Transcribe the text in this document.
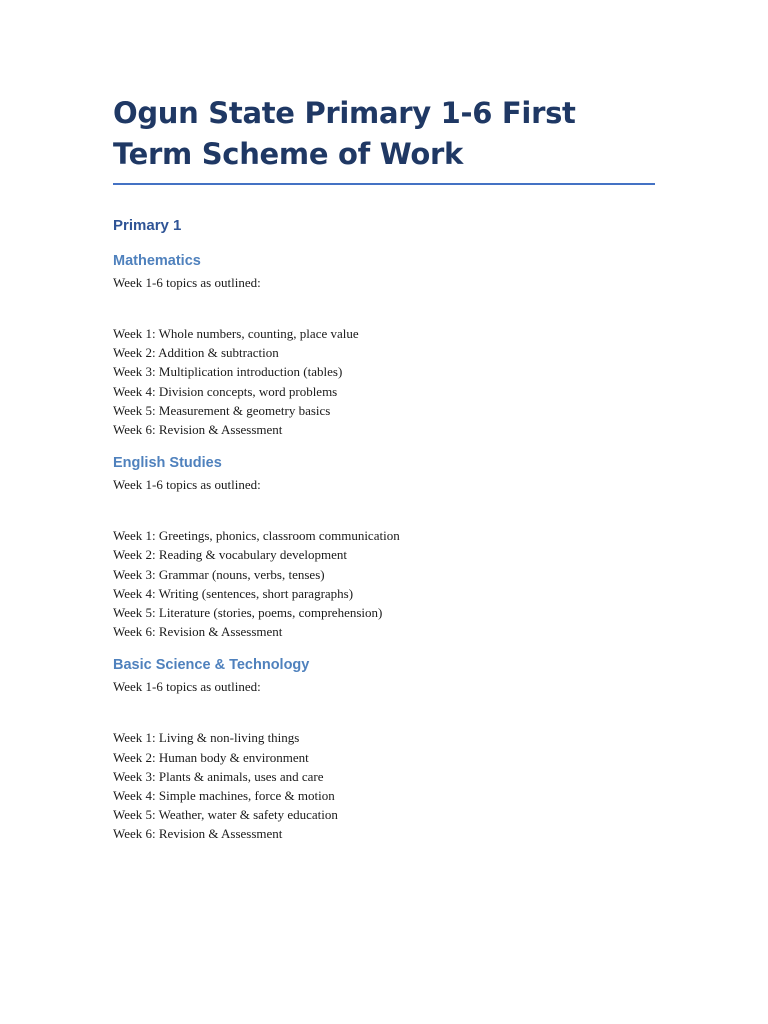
Ogun State Primary 1-6 First Term Scheme of Work
Primary 1
Mathematics
Week 1-6 topics as outlined:
Week 1: Whole numbers, counting, place value
Week 2: Addition & subtraction
Week 3: Multiplication introduction (tables)
Week 4: Division concepts, word problems
Week 5: Measurement & geometry basics
Week 6: Revision & Assessment
English Studies
Week 1-6 topics as outlined:
Week 1: Greetings, phonics, classroom communication
Week 2: Reading & vocabulary development
Week 3: Grammar (nouns, verbs, tenses)
Week 4: Writing (sentences, short paragraphs)
Week 5: Literature (stories, poems, comprehension)
Week 6: Revision & Assessment
Basic Science & Technology
Week 1-6 topics as outlined:
Week 1: Living & non-living things
Week 2: Human body & environment
Week 3: Plants & animals, uses and care
Week 4: Simple machines, force & motion
Week 5: Weather, water & safety education
Week 6: Revision & Assessment
